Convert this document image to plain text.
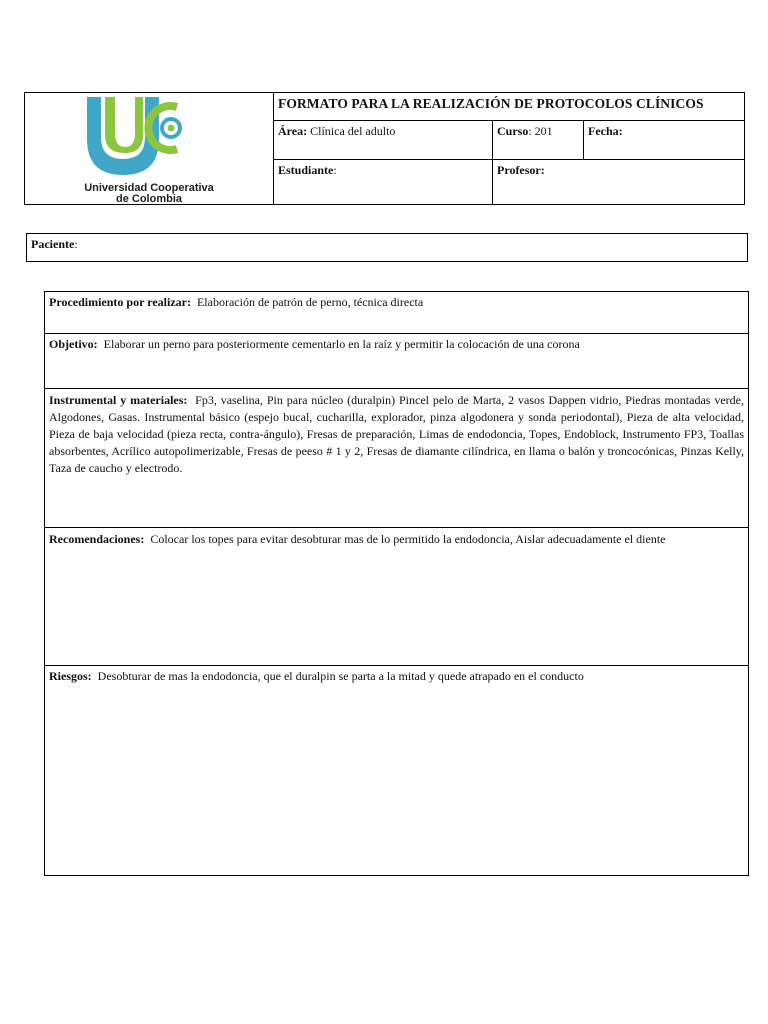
Universidad Cooperativa
de Colombia
FORMATO PARA LA REALIZACIÓN DE PROTOCOLOS CLÍNICOS
Área: Clínica del adulto	Curso: 201	Fecha:
Estudiante:	Profesor:
Paciente:
Procedimiento por realizar: Elaboración de patrón de perno, técnica directa
Objetivo: Elaborar un perno para posteriormente cementarlo en la raíz y permitir la colocación de una corona
Instrumental y materiales: Fp3, vaselina, Pin para núcleo (duralpin) Pincel pelo de Marta, 2 vasos Dappen vidrio, Piedras montadas verde, Algodones, Gasas. Instrumental básico (espejo bucal, cucharilla, explorador, pinza algodonera y sonda periodontal), Pieza de alta velocidad, Pieza de baja velocidad (pieza recta, contra-ángulo), Fresas de preparación, Limas de endodoncia, Topes, Endoblock, Instrumento FP3, Toallas absorbentes, Acrílico autopolimerizable, Fresas de peeso # 1 y 2, Fresas de diamante cilíndrica, en llama o balón y troncocónicas, Pinzas Kelly, Taza de caucho y electrodo.
Recomendaciones: Colocar los topes para evitar desobturar mas de lo permitido la endodoncia, Aislar adecuadamente el diente
Riesgos: Desobturar de mas la endodoncia, que el duralpin se parta a la mitad y quede atrapado en el conducto
